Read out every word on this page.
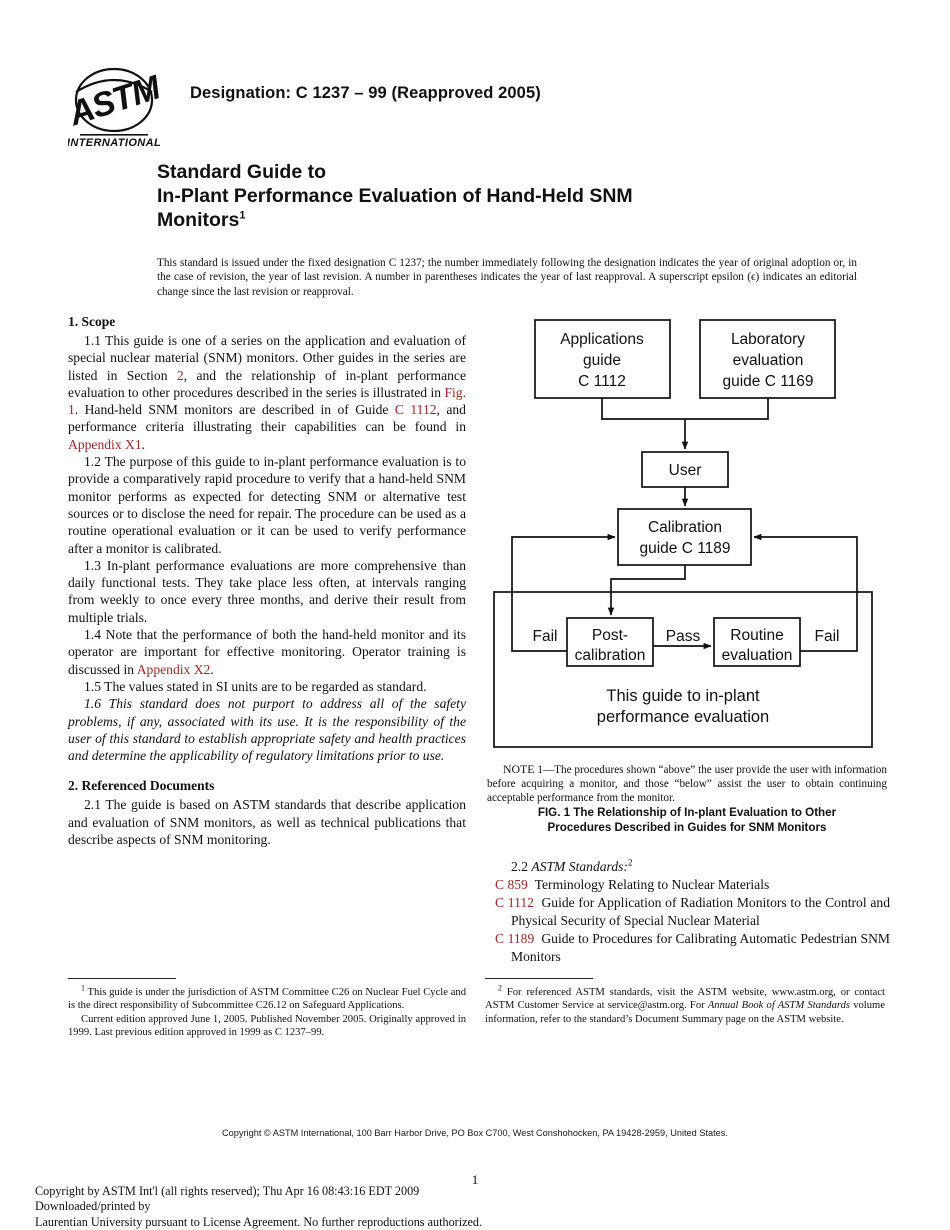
ASTM
INTERNATIONAL
Designation: C 1237 – 99 (Reapproved 2005)
Standard Guide to
In-Plant Performance Evaluation of Hand-Held SNM
Monitors$^1$
This standard is issued under the fixed designation C 1237; the number immediately following the designation indicates the year of original adoption or, in the case of revision, the year of last revision. A number in parentheses indicates the year of last reapproval. A superscript epsilon (ϵ) indicates an editorial change since the last revision or reapproval.
1. Scope

1.1 This guide is one of a series on the application and evaluation of special nuclear material (SNM) monitors. Other guides in the series are listed in Section 2, and the relationship of in-plant performance evaluation to other procedures described in the series is illustrated in Fig. 1. Hand-held SNM monitors are described in of Guide C 1112, and performance criteria illustrating their capabilities can be found in Appendix X1.

1.2 The purpose of this guide to in-plant performance evaluation is to provide a comparatively rapid procedure to verify that a hand-held SNM monitor performs as expected for detecting SNM or alternative test sources or to disclose the need for repair. The procedure can be used as a routine operational evaluation or it can be used to verify performance after a monitor is calibrated.

1.3 In-plant performance evaluations are more comprehensive than daily functional tests. They take place less often, at intervals ranging from weekly to once every three months, and derive their result from multiple trials.

1.4 Note that the performance of both the hand-held monitor and its operator are important for effective monitoring. Operator training is discussed in Appendix X2.

1.5 The values stated in SI units are to be regarded as standard.

1.6 This standard does not purport to address all of the safety problems, if any, associated with its use. It is the responsibility of the user of this standard to establish appropriate safety and health practices and determine the applicability of regulatory limitations prior to use.

2. Referenced Documents

2.1 The guide is based on ASTM standards that describe application and evaluation of SNM monitors, as well as technical publications that describe aspects of SNM monitoring.

Applications
guide
C 1112
Laboratory
evaluation
guide C 1169
User
Calibration
guide C 1189
Post-
calibration
Routine
evaluation
Fail	Pass	Fail
This guide to in-plant
performance evaluation
NOTE 1—The procedures shown “above” the user provide the user with information before acquiring a monitor, and those “below” assist the user to obtain continuing acceptable performance from the monitor.
FIG. 1 The Relationship of In-plant Evaluation to Other
Procedures Described in Guides for SNM Monitors
2.2 ASTM Standards:$^2$
C 859 Terminology Relating to Nuclear Materials
C 1112 Guide for Application of Radiation Monitors to the Control and Physical Security of Special Nuclear Material
C 1189 Guide to Procedures for Calibrating Automatic Pedestrian SNM Monitors

$^1$ This guide is under the jurisdiction of ASTM Committee C26 on Nuclear Fuel Cycle and is the direct responsibility of Subcommittee C26.12 on Safeguard Applications.

Current edition approved June 1, 2005. Published November 2005. Originally approved in 1999. Last previous edition approved in 1999 as C 1237–99.

$^2$ For referenced ASTM standards, visit the ASTM website, www.astm.org, or contact ASTM Customer Service at service@astm.org. For Annual Book of ASTM Standards volume information, refer to the standard’s Document Summary page on the ASTM website.

Copyright © ASTM International, 100 Barr Harbor Drive, PO Box C700, West Conshohocken, PA 19428-2959, United States.
1
Copyright by ASTM Int'l (all rights reserved); Thu Apr 16 08:43:16 EDT 2009
Downloaded/printed by
Laurentian University pursuant to License Agreement. No further reproductions authorized.
